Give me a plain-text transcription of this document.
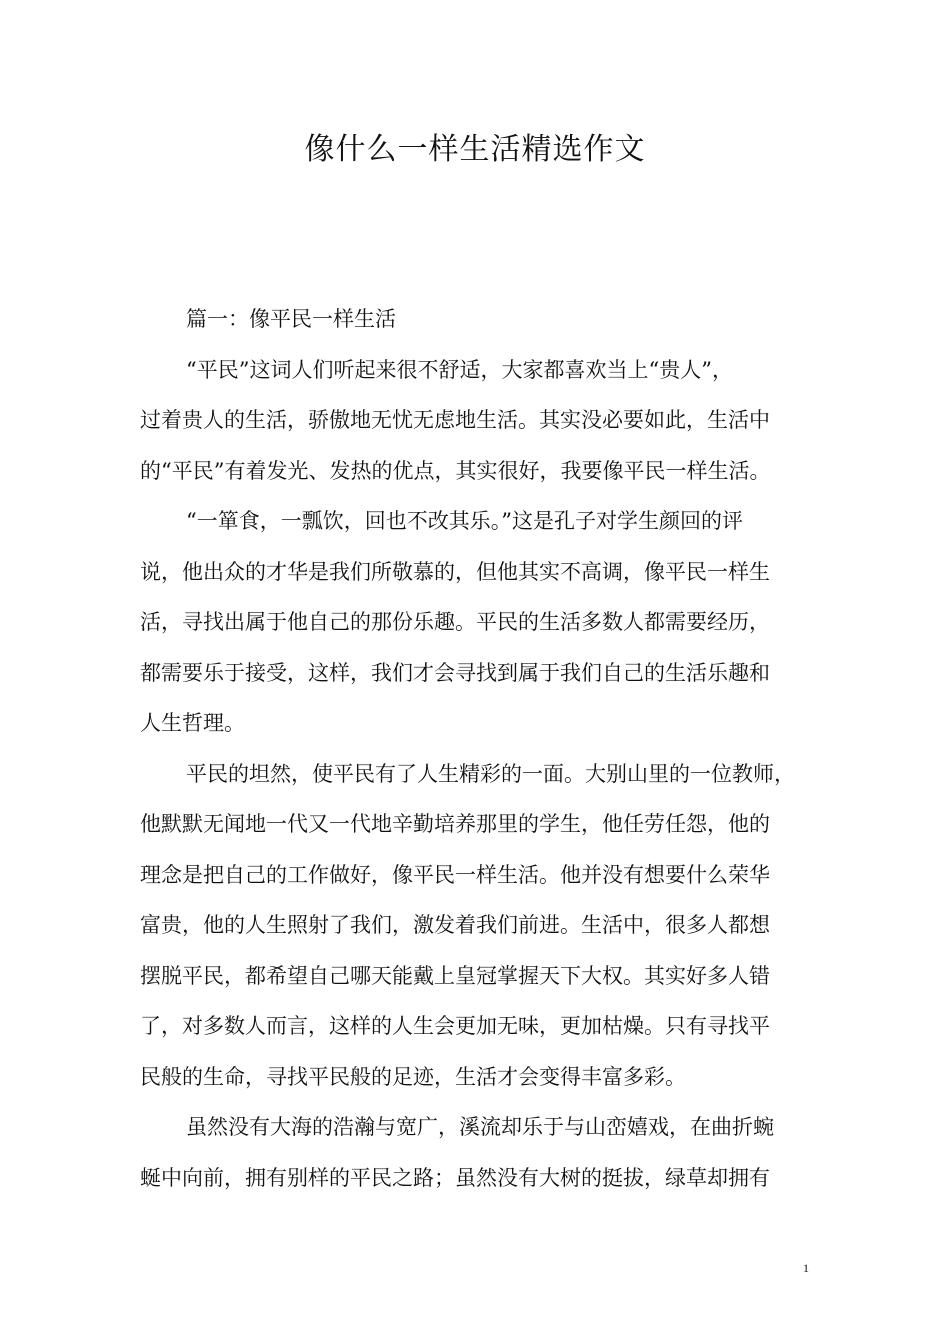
像什么一样生活精选作文
篇一：像平民一样生活
“平民”这词人们听起来很不舒适，大家都喜欢当上“贵人”，
过着贵人的生活，骄傲地无忧无虑地生活。其实没必要如此，生活中
的“平民”有着发光、发热的优点，其实很好，我要像平民一样生活。
“一箪食，一瓢饮，回也不改其乐。”这是孔子对学生颜回的评
说，他出众的才华是我们所敬慕的，但他其实不高调，像平民一样生
活，寻找出属于他自己的那份乐趣。平民的生活多数人都需要经历，
都需要乐于接受，这样，我们才会寻找到属于我们自己的生活乐趣和
人生哲理。
平民的坦然，使平民有了人生精彩的一面。大别山里的一位教师，
他默默无闻地一代又一代地辛勤培养那里的学生，他任劳任怨，他的
理念是把自己的工作做好，像平民一样生活。他并没有想要什么荣华
富贵，他的人生照射了我们，激发着我们前进。生活中，很多人都想
摆脱平民，都希望自己哪天能戴上皇冠掌握天下大权。其实好多人错
了，对多数人而言，这样的人生会更加无味，更加枯燥。只有寻找平
民般的生命，寻找平民般的足迹，生活才会变得丰富多彩。
虽然没有大海的浩瀚与宽广，溪流却乐于与山峦嬉戏，在曲折蜿
蜒中向前，拥有别样的平民之路；虽然没有大树的挺拔，绿草却拥有
1
